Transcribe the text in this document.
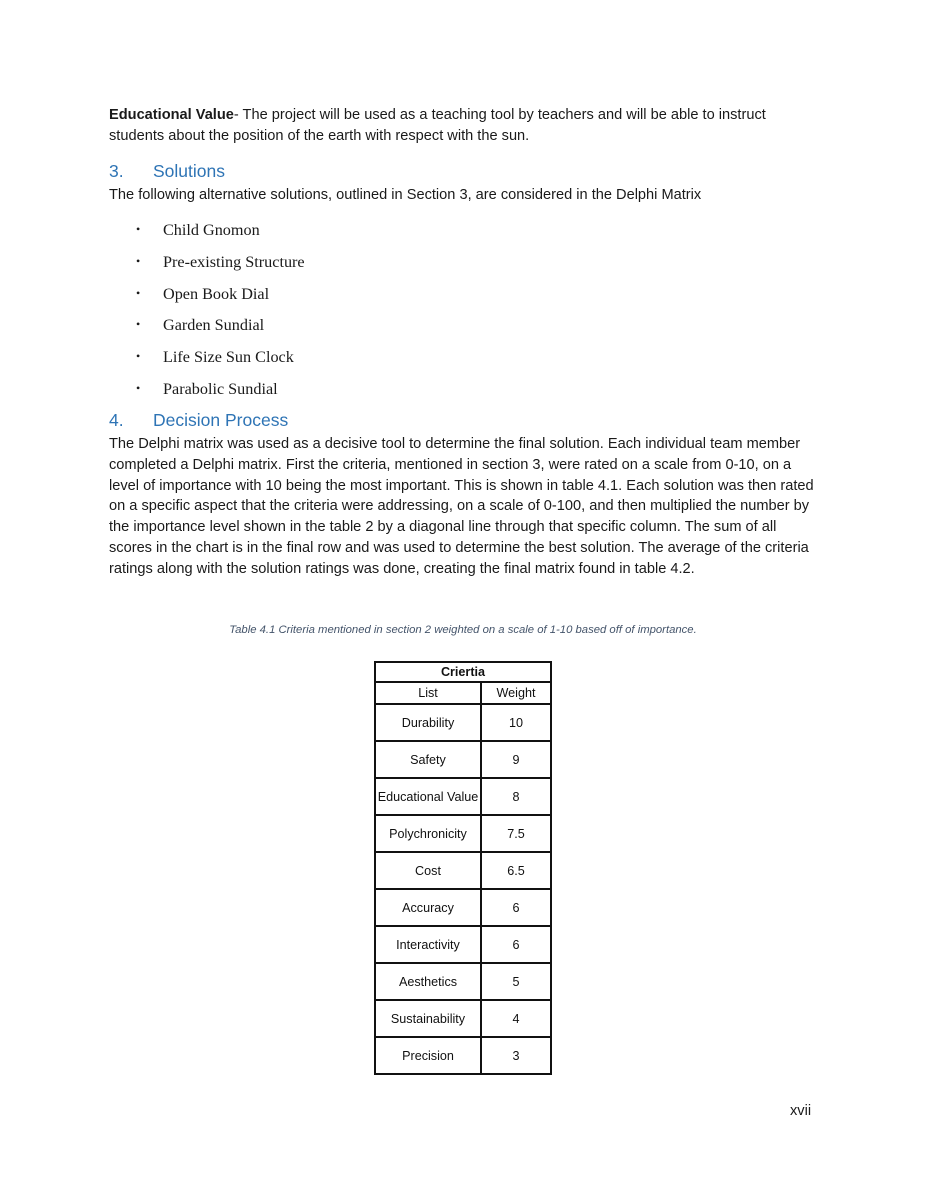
Educational Value- The project will be used as a teaching tool by teachers and will be able to instruct students about the position of the earth with respect with the sun.
3. Solutions
The following alternative solutions, outlined in Section 3, are considered in the Delphi Matrix
• Child Gnomon
• Pre-existing Structure
• Open Book Dial
• Garden Sundial
• Life Size Sun Clock
• Parabolic Sundial
4. Decision Process
The Delphi matrix was used as a decisive tool to determine the final solution. Each individual team member completed a Delphi matrix. First the criteria, mentioned in section 3, were rated on a scale from 0-10, on a level of importance with 10 being the most important. This is shown in table 4.1. Each solution was then rated on a specific aspect that the criteria were addressing, on a scale of 0-100, and then multiplied the number by the importance level shown in the table 2 by a diagonal line through that specific column. The sum of all scores in the chart is in the final row and was used to determine the best solution. The average of the criteria ratings along with the solution ratings was done, creating the final matrix found in table 4.2.
Table 4.1 Criteria mentioned in section 2 weighted on a scale of 1-10 based off of importance.
Criertia	
List	Weight
Durability	10
Safety	9
Educational Value	8
Polychronicity	7.5
Cost	6.5
Accuracy	6
Interactivity	6
Aesthetics	5
Sustainability	4
Precision	3
xvii
